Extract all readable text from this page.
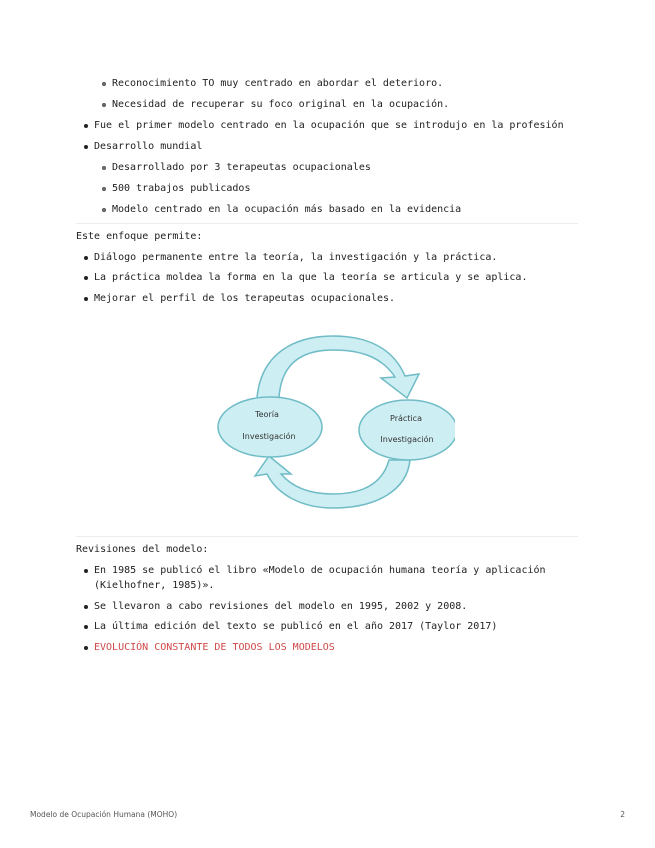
Reconocimiento TO muy centrado en abordar el deterioro.
Necesidad de recuperar su foco original en la ocupación.
Fue el primer modelo centrado en la ocupación que se introdujo en la profesión
Desarrollo mundial
Desarrollado por 3 terapeutas ocupacionales
500 trabajos publicados
Modelo centrado en la ocupación más basado en la evidencia
Este enfoque permite:
Diálogo permanente entre la teoría, la investigación y la práctica.
La práctica moldea la forma en la que la teoría se articula y se aplica.
Mejorar el perfil de los terapeutas ocupacionales.
Teoría
Investigación
Práctica
Investigación
Revisiones del modelo:
En 1985 se publicó el libro «Modelo de ocupación humana teoría y aplicación (Kielhofner, 1985)».
Se llevaron a cabo revisiones del modelo en 1995, 2002 y 2008.
La última edición del texto se publicó en el año 2017 (Taylor 2017)
EVOLUCIÓN CONSTANTE DE TODOS LOS MODELOS
Modelo de Ocupación Humana (MOHO)	2
